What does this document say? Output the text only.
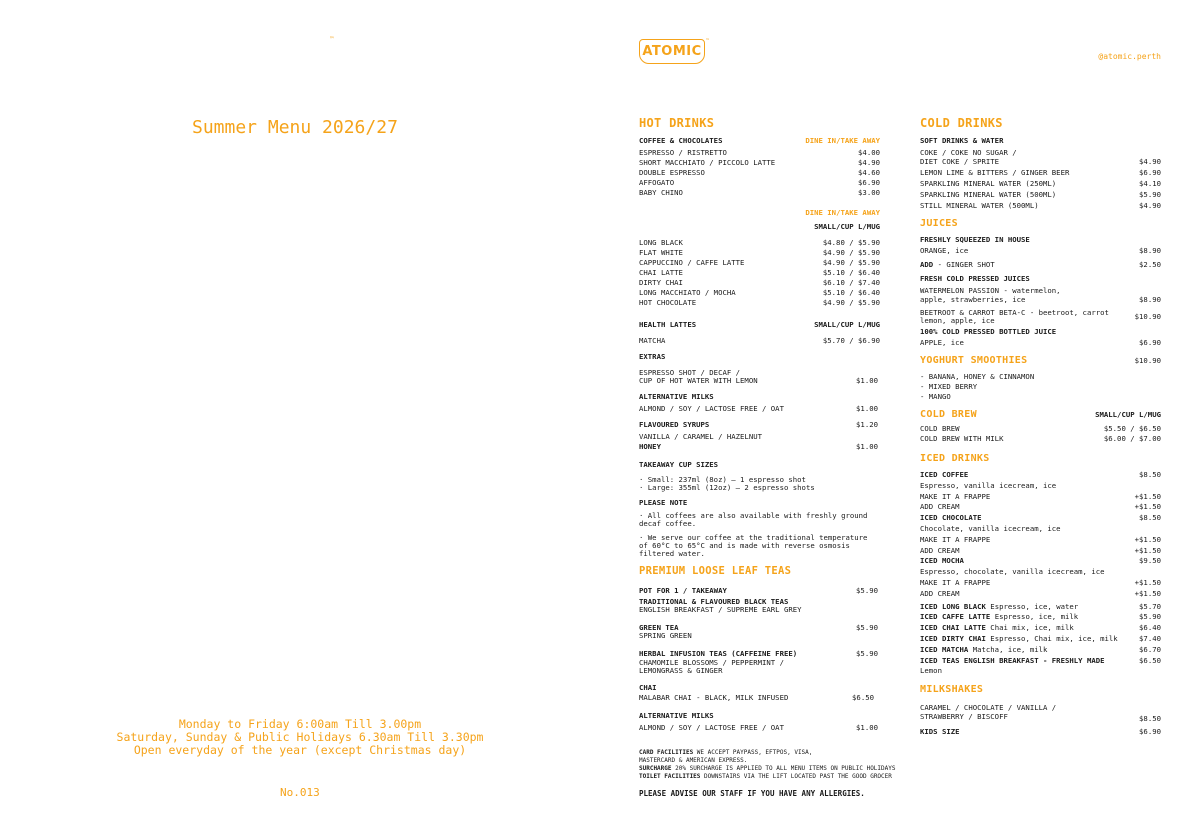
™
Summer Menu 2026/27
Monday to Friday 6:00am Till 3.00pm
Saturday, Sunday & Public Holidays 6.30am Till 3.30pm
Open everyday of the year (except Christmas day)
No.013
ATOMIC
™
@atomic.perth
HOT DRINKS
COFFEE & CHOCOLATES	DINE IN/TAKE AWAY
ESPRESSO / RISTRETTO	$4.00
SHORT MACCHIATO / PICCOLO LATTE	$4.90
DOUBLE ESPRESSO	$4.60
AFFOGATO	$6.90
BABY CHINO	$3.00
DINE IN/TAKE AWAY
SMALL/CUP L/MUG
LONG BLACK	$4.80 / $5.90
FLAT WHITE	$4.90 / $5.90
CAPPUCCINO / CAFFE LATTE	$4.90 / $5.90
CHAI LATTE	$5.10 / $6.40
DIRTY CHAI	$6.10 / $7.40
LONG MACCHIATO / MOCHA	$5.10 / $6.40
HOT CHOCOLATE	$4.90 / $5.90
HEALTH LATTES	SMALL/CUP L/MUG
MATCHA	$5.70 / $6.90
EXTRAS
ESPRESSO SHOT / DECAF /
CUP OF HOT WATER WITH LEMON	$1.00
ALTERNATIVE MILKS
ALMOND / SOY / LACTOSE FREE / OAT	$1.00
FLAVOURED SYRUPS	$1.20
VANILLA / CARAMEL / HAZELNUT
HONEY	$1.00
TAKEAWAY CUP SIZES
· Small: 237ml (8oz) — 1 espresso shot
· Large: 355ml (12oz) — 2 espresso shots
PLEASE NOTE
· All coffees are also available with freshly ground
decaf coffee.
· We serve our coffee at the traditional temperature
of 60°C to 65°C and is made with reverse osmosis
filtered water.
PREMIUM LOOSE LEAF TEAS
POT FOR 1 / TAKEAWAY	$5.90
TRADITIONAL & FLAVOURED BLACK TEAS
ENGLISH BREAKFAST / SUPREME EARL GREY
GREEN TEA	$5.90
SPRING GREEN
HERBAL INFUSION TEAS (CAFFEINE FREE)	$5.90
CHAMOMILE BLOSSOMS / PEPPERMINT /
LEMONGRASS & GINGER
CHAI
MALABAR CHAI - BLACK, MILK INFUSED	$6.50
ALTERNATIVE MILKS
ALMOND / SOY / LACTOSE FREE / OAT	$1.00
CARD FACILITIES WE ACCEPT PAYPASS, EFTPOS, VISA,
MASTERCARD & AMERICAN EXPRESS.
SURCHARGE 20% SURCHARGE IS APPLIED TO ALL MENU ITEMS ON PUBLIC HOLIDAYS
TOILET FACILITIES DOWNSTAIRS VIA THE LIFT LOCATED PAST THE GOOD GROCER
PLEASE ADVISE OUR STAFF IF YOU HAVE ANY ALLERGIES.
COLD DRINKS
SOFT DRINKS & WATER
COKE / COKE NO SUGAR /
DIET COKE / SPRITE	$4.90
LEMON LIME & BITTERS / GINGER BEER	$6.90
SPARKLING MINERAL WATER (250ML)	$4.10
SPARKLING MINERAL WATER (500ML)	$5.90
STILL MINERAL WATER (500ML)	$4.90
JUICES
FRESHLY SQUEEZED IN HOUSE
ORANGE, ice	$8.90
ADD - GINGER SHOT	$2.50
FRESH COLD PRESSED JUICES
WATERMELON PASSION - watermelon,
apple, strawberries, ice	$8.90
BEETROOT & CARROT BETA-C - beetroot, carrot
lemon, apple, ice	$10.90
100% COLD PRESSED BOTTLED JUICE
APPLE, ice	$6.90
YOGHURT SMOOTHIES	$10.90
- BANANA, HONEY & CINNAMON
- MIXED BERRY
- MANGO
COLD BREW	SMALL/CUP L/MUG
COLD BREW	$5.50 / $6.50
COLD BREW WITH MILK	$6.00 / $7.00
ICED DRINKS
ICED COFFEE	$8.50
Espresso, vanilla icecream, ice
MAKE IT A FRAPPE	+$1.50
ADD CREAM	+$1.50
ICED CHOCOLATE	$8.50
Chocolate, vanilla icecream, ice
MAKE IT A FRAPPE	+$1.50
ADD CREAM	+$1.50
ICED MOCHA	$9.50
Espresso, chocolate, vanilla icecream, ice
MAKE IT A FRAPPE	+$1.50
ADD CREAM	+$1.50
ICED LONG BLACK Espresso, ice, water	$5.70
ICED CAFFE LATTE Espresso, ice, milk	$5.90
ICED CHAI LATTE Chai mix, ice, milk	$6.40
ICED DIRTY CHAI Espresso, Chai mix, ice, milk	$7.40
ICED MATCHA Matcha, ice, milk	$6.70
ICED TEAS ENGLISH BREAKFAST - FRESHLY MADE	$6.50
Lemon
MILKSHAKES
CARAMEL / CHOCOLATE / VANILLA /
STRAWBERRY / BISCOFF	$8.50
KIDS SIZE	$6.90
